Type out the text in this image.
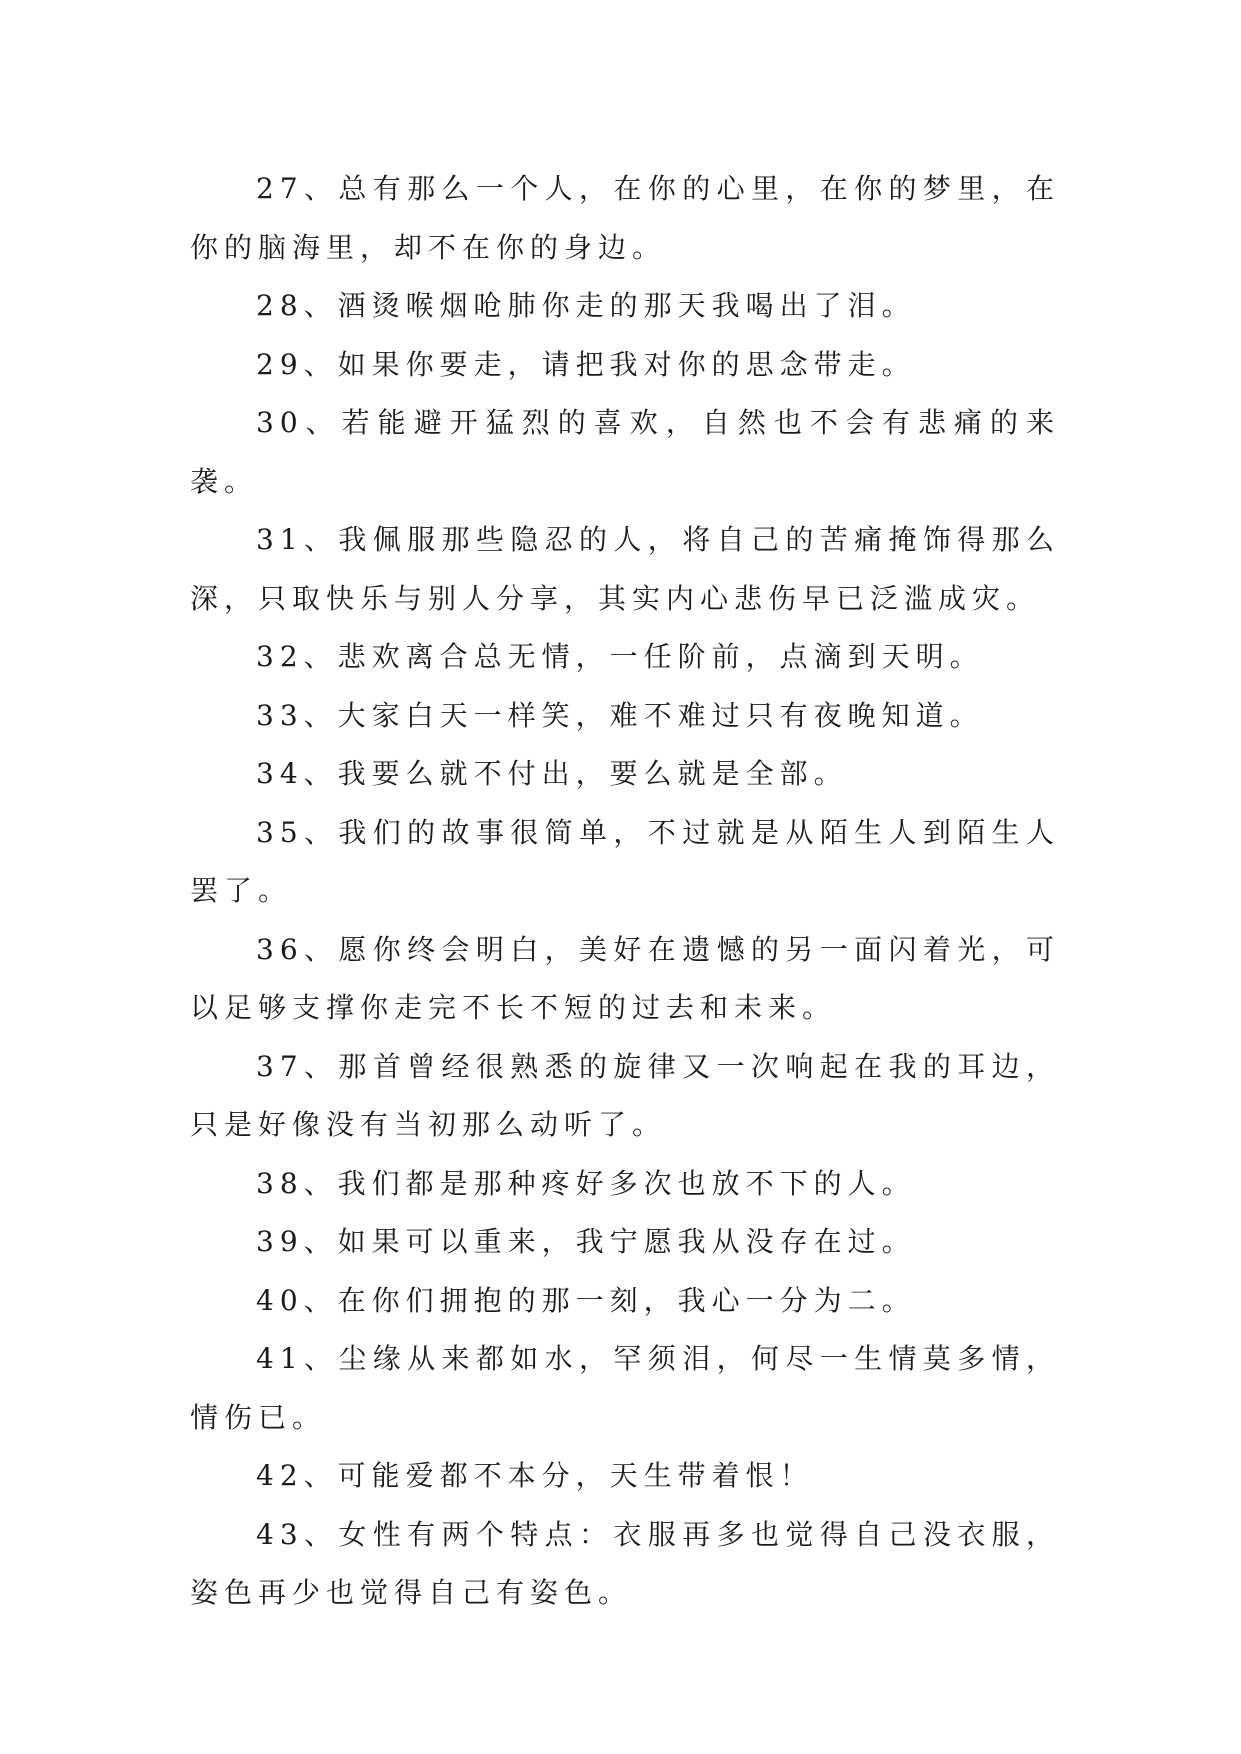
27、总有那么一个人，在你的心里，在你的梦里，在你的脑海里，却不在你的身边。

28、酒烫喉烟呛肺你走的那天我喝出了泪。

29、如果你要走，请把我对你的思念带走。

30、若能避开猛烈的喜欢，自然也不会有悲痛的来袭。

31、我佩服那些隐忍的人，将自己的苦痛掩饰得那么深，只取快乐与别人分享，其实内心悲伤早已泛滥成灾。

32、悲欢离合总无情，一任阶前，点滴到天明。

33、大家白天一样笑，难不难过只有夜晚知道。

34、我要么就不付出，要么就是全部。

35、我们的故事很简单，不过就是从陌生人到陌生人罢了。

36、愿你终会明白，美好在遗憾的另一面闪着光，可以足够支撑你走完不长不短的过去和未来。

37、那首曾经很熟悉的旋律又一次响起在我的耳边，只是好像没有当初那么动听了。

38、我们都是那种疼好多次也放不下的人。

39、如果可以重来，我宁愿我从没存在过。

40、在你们拥抱的那一刻，我心一分为二。

41、尘缘从来都如水，罕须泪，何尽一生情莫多情，情伤已。

42、可能爱都不本分，天生带着恨！

43、女性有两个特点：衣服再多也觉得自己没衣服，姿色再少也觉得自己有姿色。
